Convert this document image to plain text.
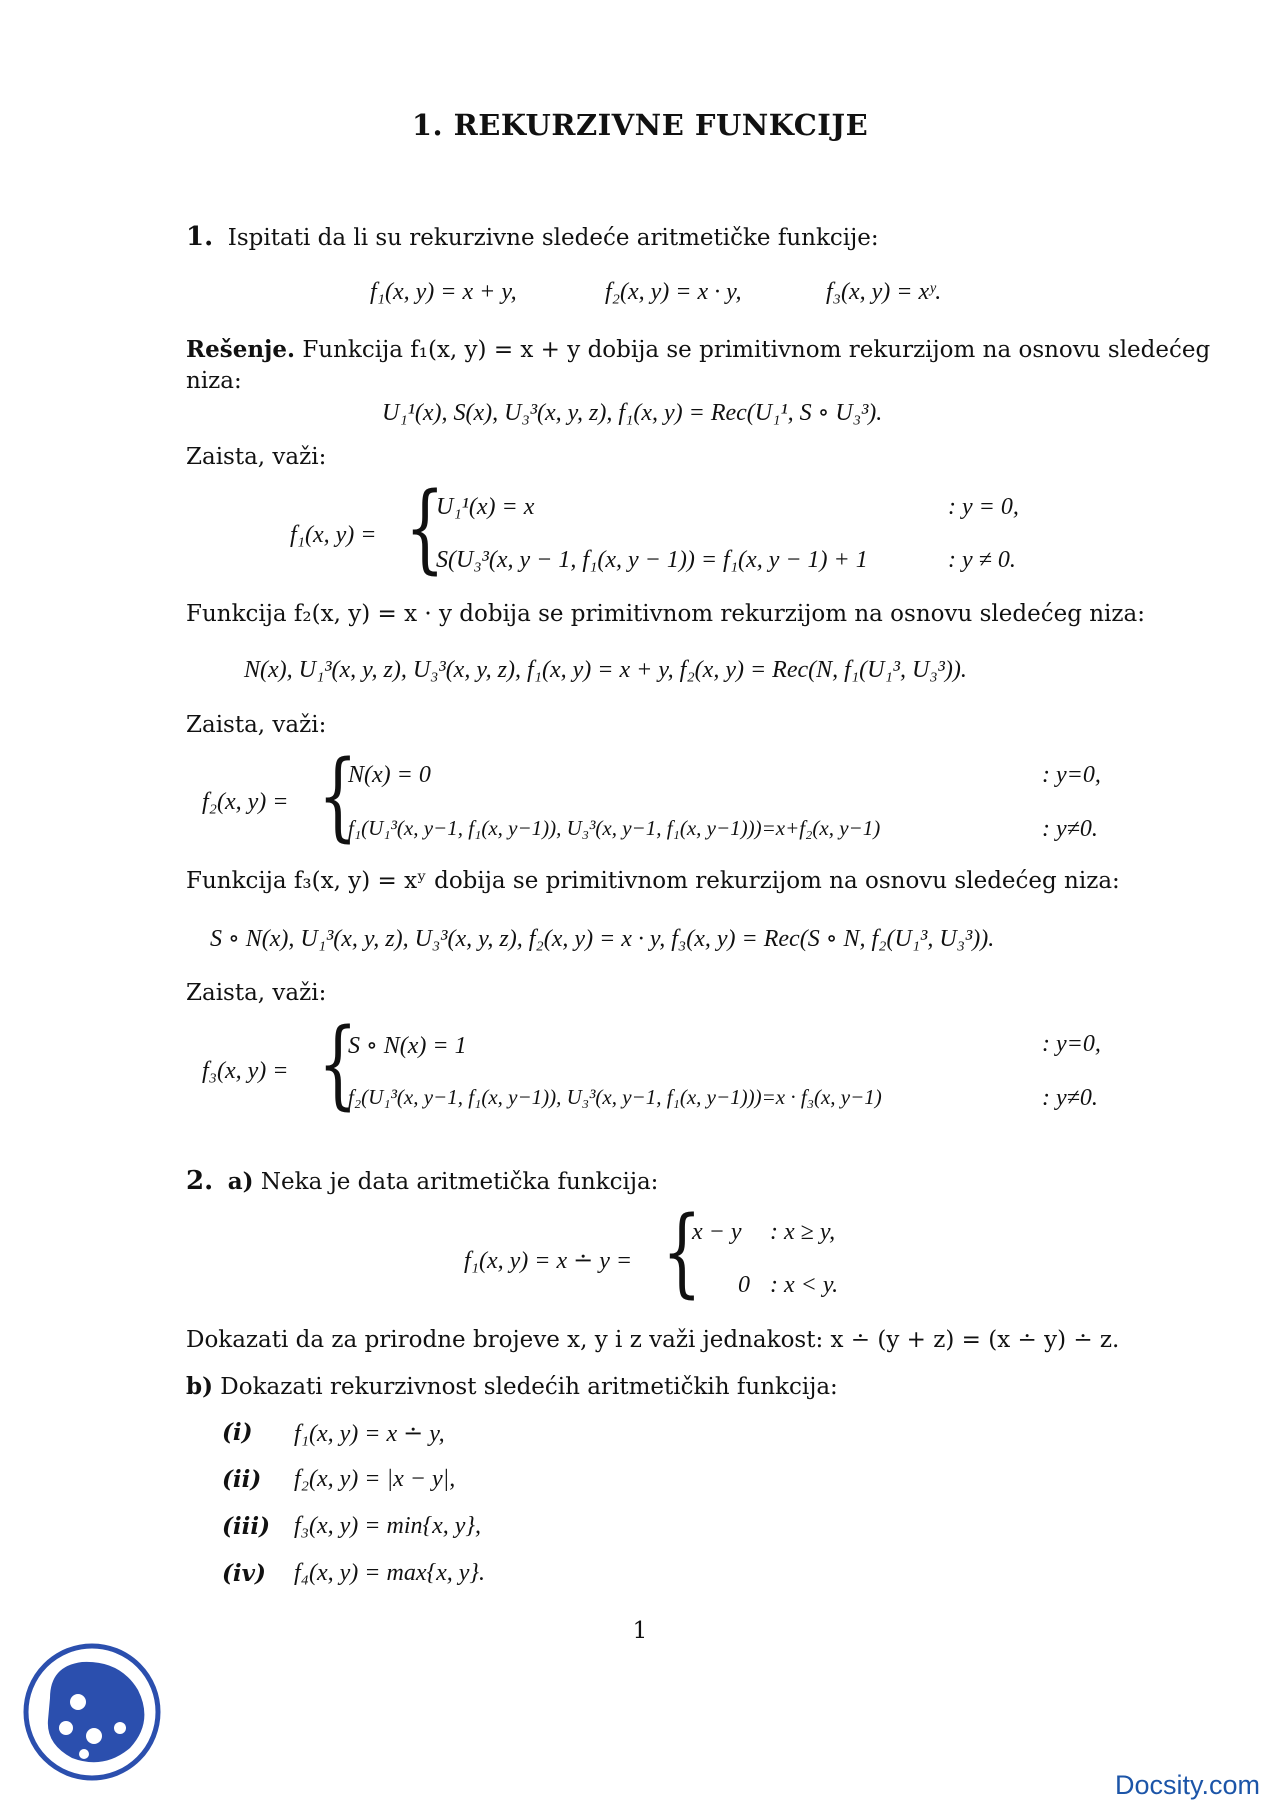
1. REKURZIVNE FUNKCIJE
1. Ispitati da li su rekurzivne sledeće aritmetičke funkcije:
f₁(x, y) = x + y,	f₂(x, y) = x · y,	f₃(x, y) = xʸ.
Rešenje. Funkcija f₁(x, y) = x + y dobija se primitivnom rekurzijom na osnovu sledećeg
niza:
U₁¹(x), S(x), U₃³(x, y, z), f₁(x, y) = Rec(U₁¹, S ∘ U₃³).
Zaista, važi:
f₁(x, y) = {
U₁¹(x) = x	: y = 0,
S(U₃³(x, y − 1, f₁(x, y − 1)) = f₁(x, y − 1) + 1	: y ≠ 0.
Funkcija f₂(x, y) = x · y dobija se primitivnom rekurzijom na osnovu sledećeg niza:
N(x), U₁³(x, y, z), U₃³(x, y, z), f₁(x, y) = x + y, f₂(x, y) = Rec(N, f₁(U₁³, U₃³)).
Zaista, važi:
f₂(x, y) = {
N(x) = 0	: y=0,
f₁(U₁³(x, y−1, f₁(x, y−1)), U₃³(x, y−1, f₁(x, y−1)))=x+f₂(x, y−1)	: y≠0.
Funkcija f₃(x, y) = xʸ dobija se primitivnom rekurzijom na osnovu sledećeg niza:
S ∘ N(x), U₁³(x, y, z), U₃³(x, y, z), f₂(x, y) = x · y, f₃(x, y) = Rec(S ∘ N, f₂(U₁³, U₃³)).
Zaista, važi:
f₃(x, y) = {
S ∘ N(x) = 1	: y=0,
f₂(U₁³(x, y−1, f₁(x, y−1)), U₃³(x, y−1, f₁(x, y−1)))=x · f₃(x, y−1)	: y≠0.
2. a) Neka je data aritmetička funkcija:
f₁(x, y) = x ∸ y = {
x − y : x ≥ y,
0 : x < y.
Dokazati da za prirodne brojeve x, y i z važi jednakost: x ∸ (y + z) = (x ∸ y) ∸ z.
b) Dokazati rekurzivnost sledećih aritmetičkih funkcija:
(i) f₁(x, y) = x ∸ y,
(ii) f₂(x, y) = |x − y|,
(iii) f₃(x, y) = min{x, y},
(iv) f₄(x, y) = max{x, y}.
1
Docsity.com
